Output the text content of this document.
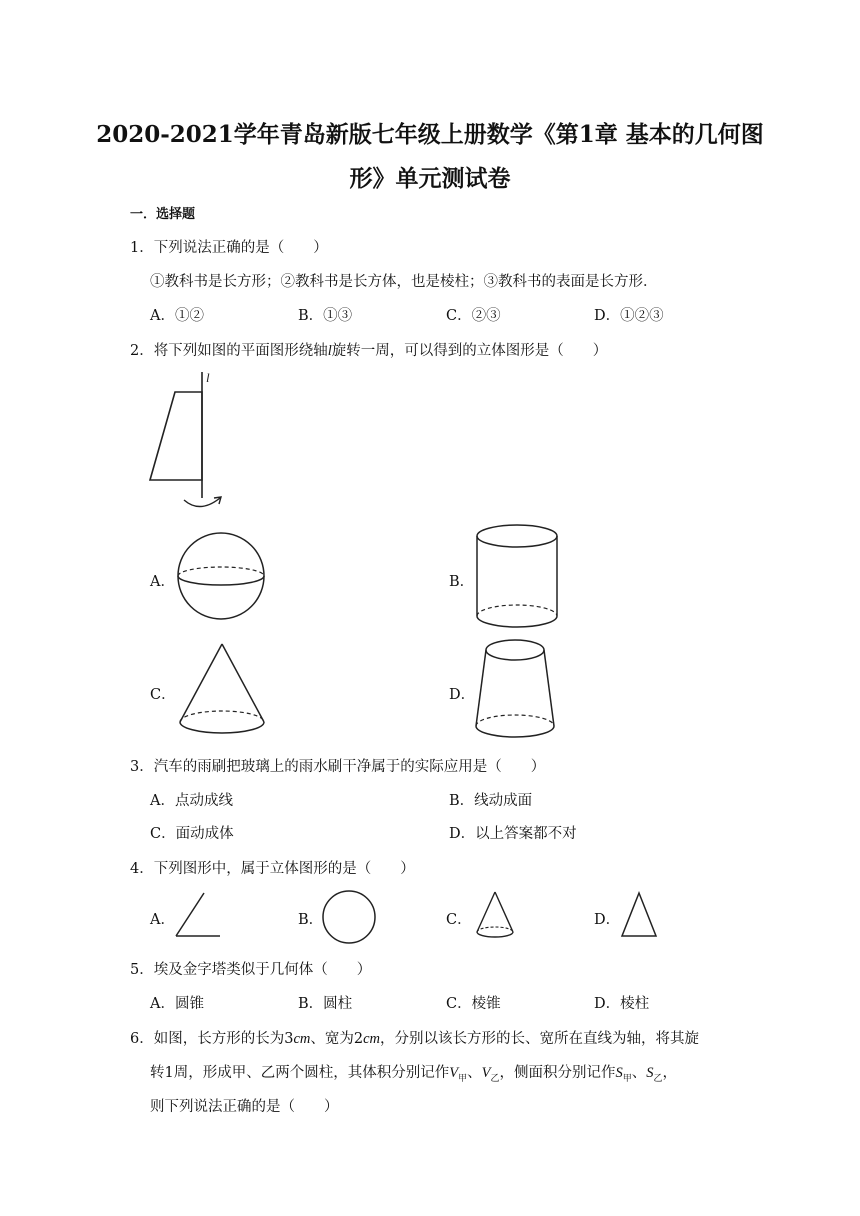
2020-2021学年青岛新版七年级上册数学《第1章 基本的几何图
形》单元测试卷
一．选择题
1．下列说法正确的是（　　）
①教科书是长方形；②教科书是长方体，也是棱柱；③教科书的表面是长方形．
A．①②	B．①③	C．②③	D．①②③
2．将下列如图的平面图形绕轴l旋转一周，可以得到的立体图形是（　　）
l
A．	B．
C．	D．
3．汽车的雨刷把玻璃上的雨水刷干净属于的实际应用是（　　）
A．点动成线	B．线动成面
C．面动成体	D．以上答案都不对
4．下列图形中，属于立体图形的是（　　）
A．	B．	C．	D．
5．埃及金字塔类似于几何体（　　）
A．圆锥	B．圆柱	C．棱锥	D．棱柱
6．如图，长方形的长为3cm、宽为2cm，分别以该长方形的长、宽所在直线为轴，将其旋
转1周，形成甲、乙两个圆柱，其体积分别记作$V_甲$、$V_乙$，侧面积分别记作$S_甲$、$S_乙$，
则下列说法正确的是（　　）
